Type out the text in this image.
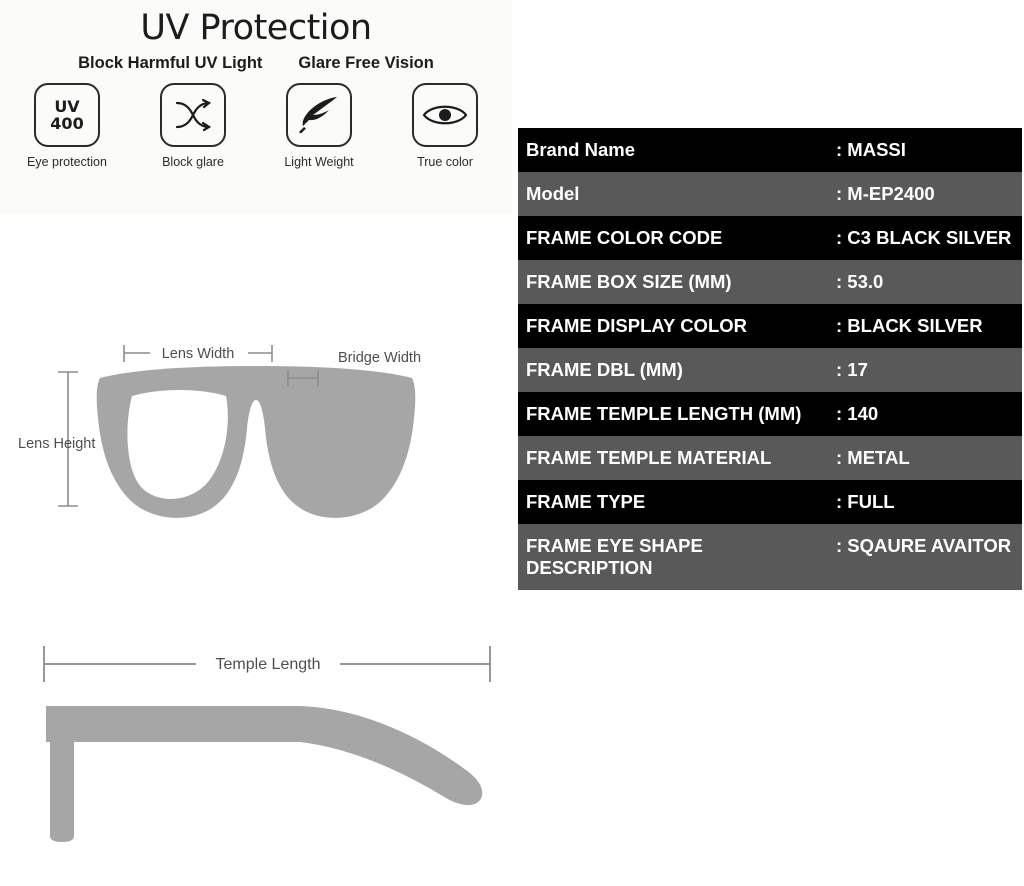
UV Protection
Block Harmful UV Light Glare Free Vision
UV
400
Eye protection	Block glare	Light Weight	True color
Lens Width	Bridge Width
Lens Height
Temple Length
Brand Name	: MASSI
Model	: M-EP2400
FRAME COLOR CODE	: C3 BLACK SILVER
FRAME BOX SIZE (MM)	: 53.0
FRAME DISPLAY COLOR	: BLACK SILVER
FRAME DBL (MM)	: 17
FRAME TEMPLE LENGTH (MM)	: 140
FRAME TEMPLE MATERIAL	: METAL
FRAME TYPE	: FULL
FRAME EYE SHAPE DESCRIPTION
: SQAURE AVAITOR
